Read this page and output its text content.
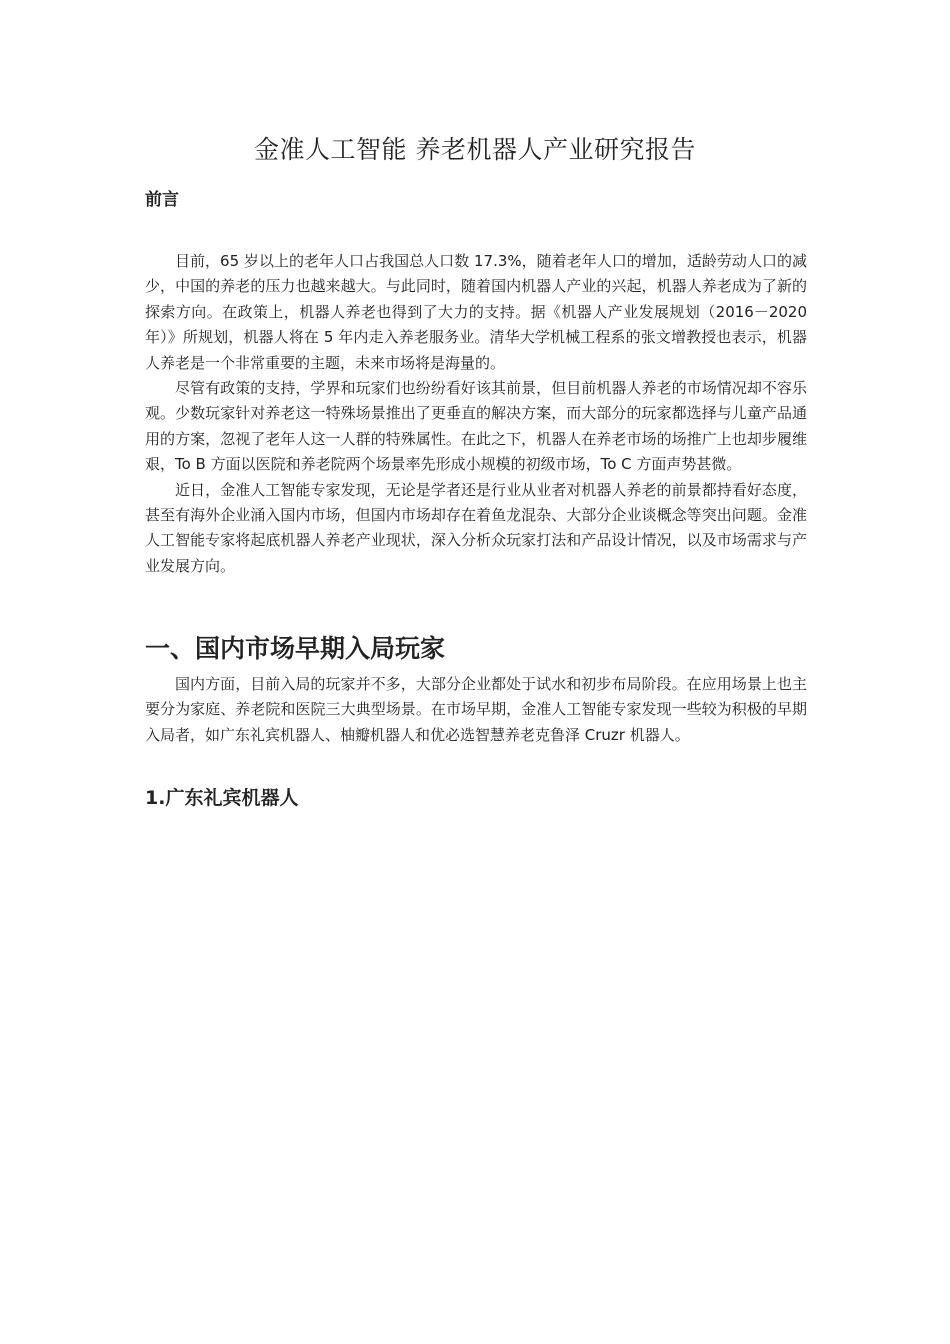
金准人工智能 养老机器人产业研究报告
前言

目前，65 岁以上的老年人口占我国总人口数 17.3%，随着老年人口的增加，适龄劳动人口的减少，中国的养老的压力也越来越大。与此同时，随着国内机器人产业的兴起，机器人养老成为了新的探索方向。在政策上，机器人养老也得到了大力的支持。据《机器人产业发展规划（2016－2020 年）》所规划，机器人将在 5 年内走入养老服务业。清华大学机械工程系的张文增教授也表示，机器人养老是一个非常重要的主题，未来市场将是海量的。

尽管有政策的支持，学界和玩家们也纷纷看好该其前景，但目前机器人养老的市场情况却不容乐观。少数玩家针对养老这一特殊场景推出了更垂直的解决方案，而大部分的玩家都选择与儿童产品通用的方案，忽视了老年人这一人群的特殊属性。在此之下，机器人在养老市场的场推广上也却步履维艰，To B 方面以医院和养老院两个场景率先形成小规模的初级市场，To C 方面声势甚微。

近日，金准人工智能专家发现，无论是学者还是行业从业者对机器人养老的前景都持看好态度，甚至有海外企业涌入国内市场，但国内市场却存在着鱼龙混杂、大部分企业谈概念等突出问题。金准人工智能专家将起底机器人养老产业现状，深入分析众玩家打法和产品设计情况，以及市场需求与产业发展方向。

一、国内市场早期入局玩家

国内方面，目前入局的玩家并不多，大部分企业都处于试水和初步布局阶段。在应用场景上也主要分为家庭、养老院和医院三大典型场景。在市场早期，金准人工智能专家发现一些较为积极的早期入局者，如广东礼宾机器人、柚瓣机器人和优必选智慧养老克鲁泽 Cruzr 机器人。

1.广东礼宾机器人
